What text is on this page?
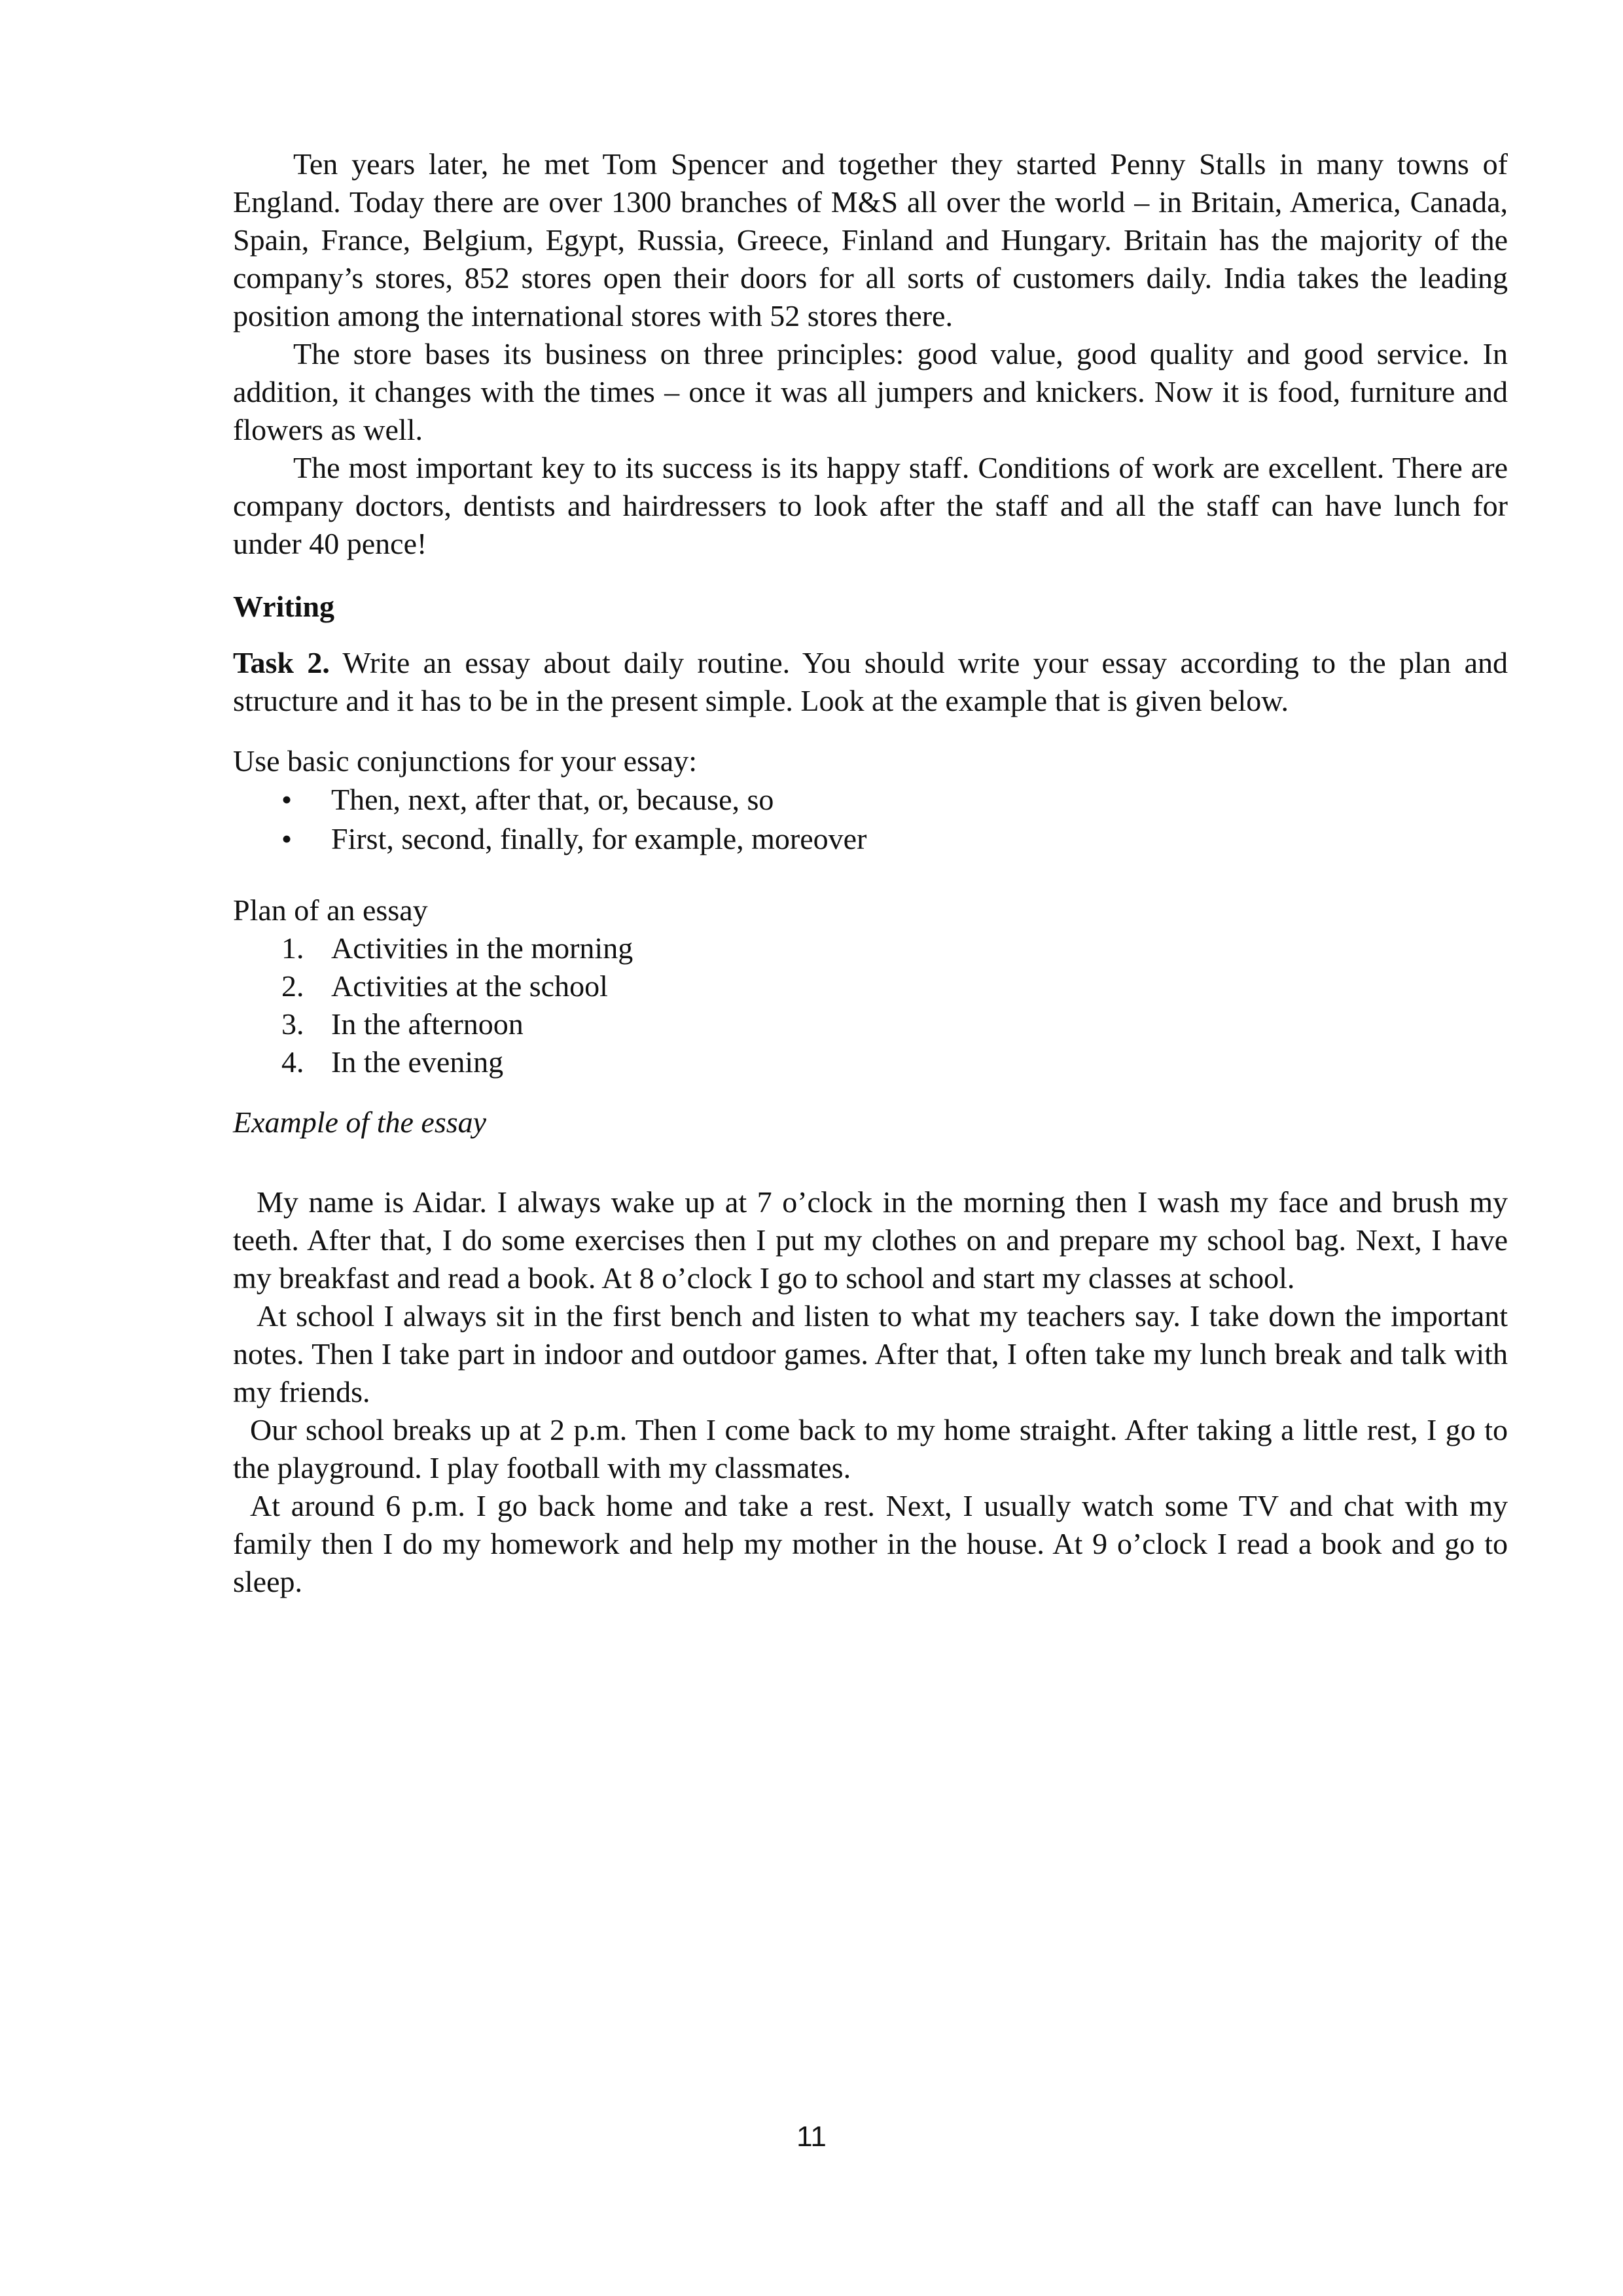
Ten years later, he met Tom Spencer and together they started Penny Stalls in many towns of England. Today there are over 1300 branches of M&S all over the world – in Britain, America, Canada, Spain, France, Belgium, Egypt, Russia, Greece, Finland and Hungary. Britain has the majority of the company’s stores, 852 stores open their doors for all sorts of customers daily. India takes the leading position among the international stores with 52 stores there.

The store bases its business on three principles: good value, good quality and good service. In addition, it changes with the times – once it was all jumpers and knickers. Now it is food, furniture and flowers as well.

The most important key to its success is its happy staff. Conditions of work are excellent. There are company doctors, dentists and hairdressers to look after the staff and all the staff can have lunch for under 40 pence!

Writing

Task 2. Write an essay about daily routine. You should write your essay according to the plan and structure and it has to be in the present simple. Look at the example that is given below.

Use basic conjunctions for your essay:

• Then, next, after that, or, because, so
• First, second, finally, for example, moreover

Plan of an essay

1. Activities in the morning
2. Activities at the school
3. In the afternoon
4. In the evening

Example of the essay

My name is Aidar. I always wake up at 7 o’clock in the morning then I wash my face and brush my teeth. After that, I do some exercises then I put my clothes on and prepare my school bag. Next, I have my breakfast and read a book. At 8 o’clock I go to school and start my classes at school.

At school I always sit in the first bench and listen to what my teachers say. I take down the important notes. Then I take part in indoor and outdoor games. After that, I often take my lunch break and talk with my friends.

Our school breaks up at 2 p.m. Then I come back to my home straight. After taking a little rest, I go to the playground. I play football with my classmates.

At around 6 p.m. I go back home and take a rest. Next, I usually watch some TV and chat with my family then I do my homework and help my mother in the house. At 9 o’clock I read a book and go to sleep.

11
